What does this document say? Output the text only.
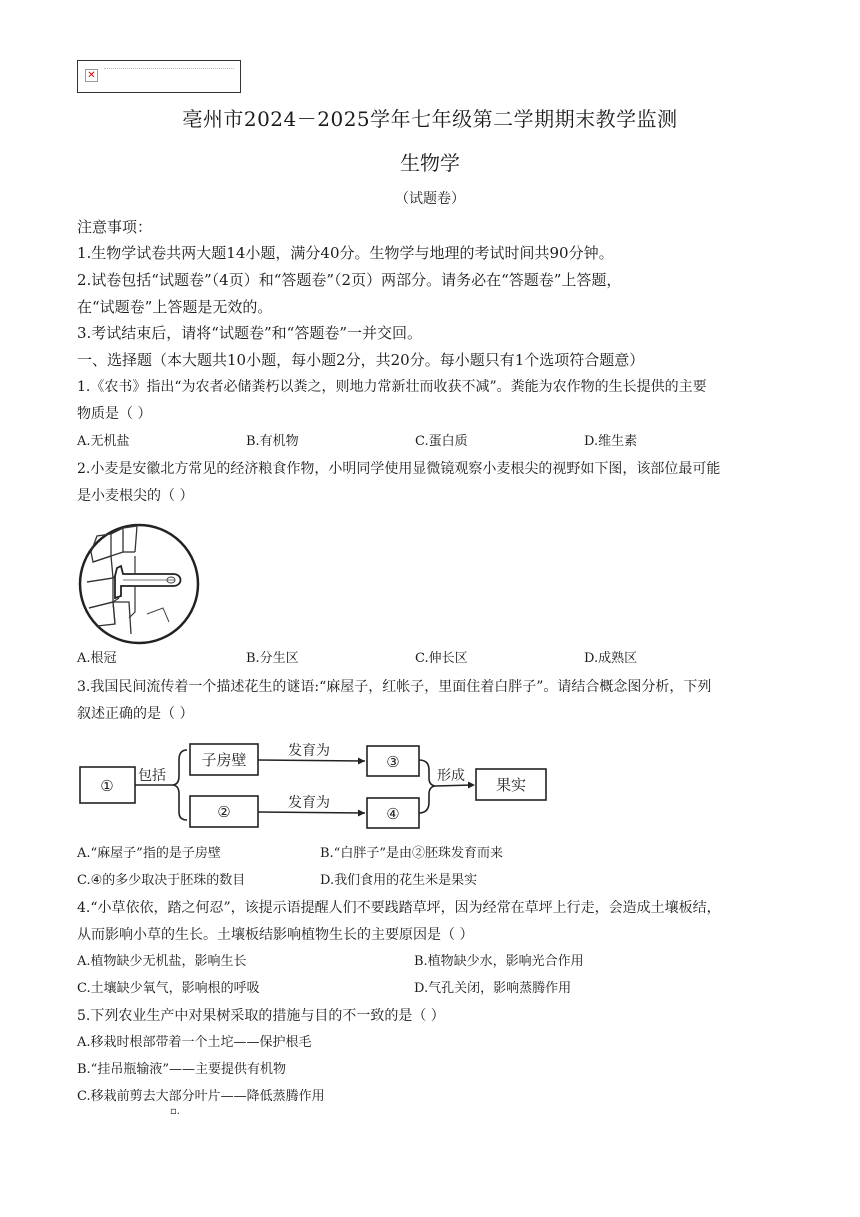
✕
亳州市2024－2025学年七年级第二学期期末教学监测
生物学
（试题卷）
注意事项：
1.生物学试卷共两大题14小题，满分40分。生物学与地理的考试时间共90分钟。
2.试卷包括“试题卷”（4页）和“答题卷”（2页）两部分。请务必在“答题卷”上答题，
在“试题卷”上答题是无效的。
3.考试结束后，请将“试题卷”和“答题卷”一并交回。
一、选择题（本大题共10小题，每小题2分，共20分。每小题只有1个选项符合题意）
1.《农书》指出“为农者必储粪朽以粪之，则地力常新壮而收获不减”。粪能为农作物的生长提供的主要
物质是（ ）
A.无机盐	B.有机物	C.蛋白质	D.维生素
2.小麦是安徽北方常见的经济粮食作物，小明同学使用显微镜观察小麦根尖的视野如下图，该部位最可能
是小麦根尖的（ ）
A.根冠	B.分生区	C.伸长区	D.成熟区
3.我国民间流传着一个描述花生的谜语:“麻屋子，红帐子，里面住着白胖子”。请结合概念图分析，下列
叙述正确的是（ ）
①
包括
子房壁
②
发育为
发育为
③
④
形成 果实
A.“麻屋子”指的是子房壁	B.“白胖子”是由②胚珠发育而来
C.④的多少取决于胚珠的数目	D.我们食用的花生米是果实
4.“小草依依，踏之何忍”，该提示语提醒人们不要践踏草坪，因为经常在草坪上行走，会造成土壤板结，
从而影响小草的生长。土壤板结影响植物生长的主要原因是（ ）
A.植物缺少无机盐，影响生长	B.植物缺少水，影响光合作用
C.土壤缺少氧气，影响根的呼吸	D.气孔关闭，影响蒸腾作用
5.下列农业生产中对果树采取的措施与目的不一致的是（ ）
A.移栽时根部带着一个土坨——保护根毛
B.“挂吊瓶输液”——主要提供有机物
C.移栽前剪去大部分叶片——降低蒸腾作用
▫.
